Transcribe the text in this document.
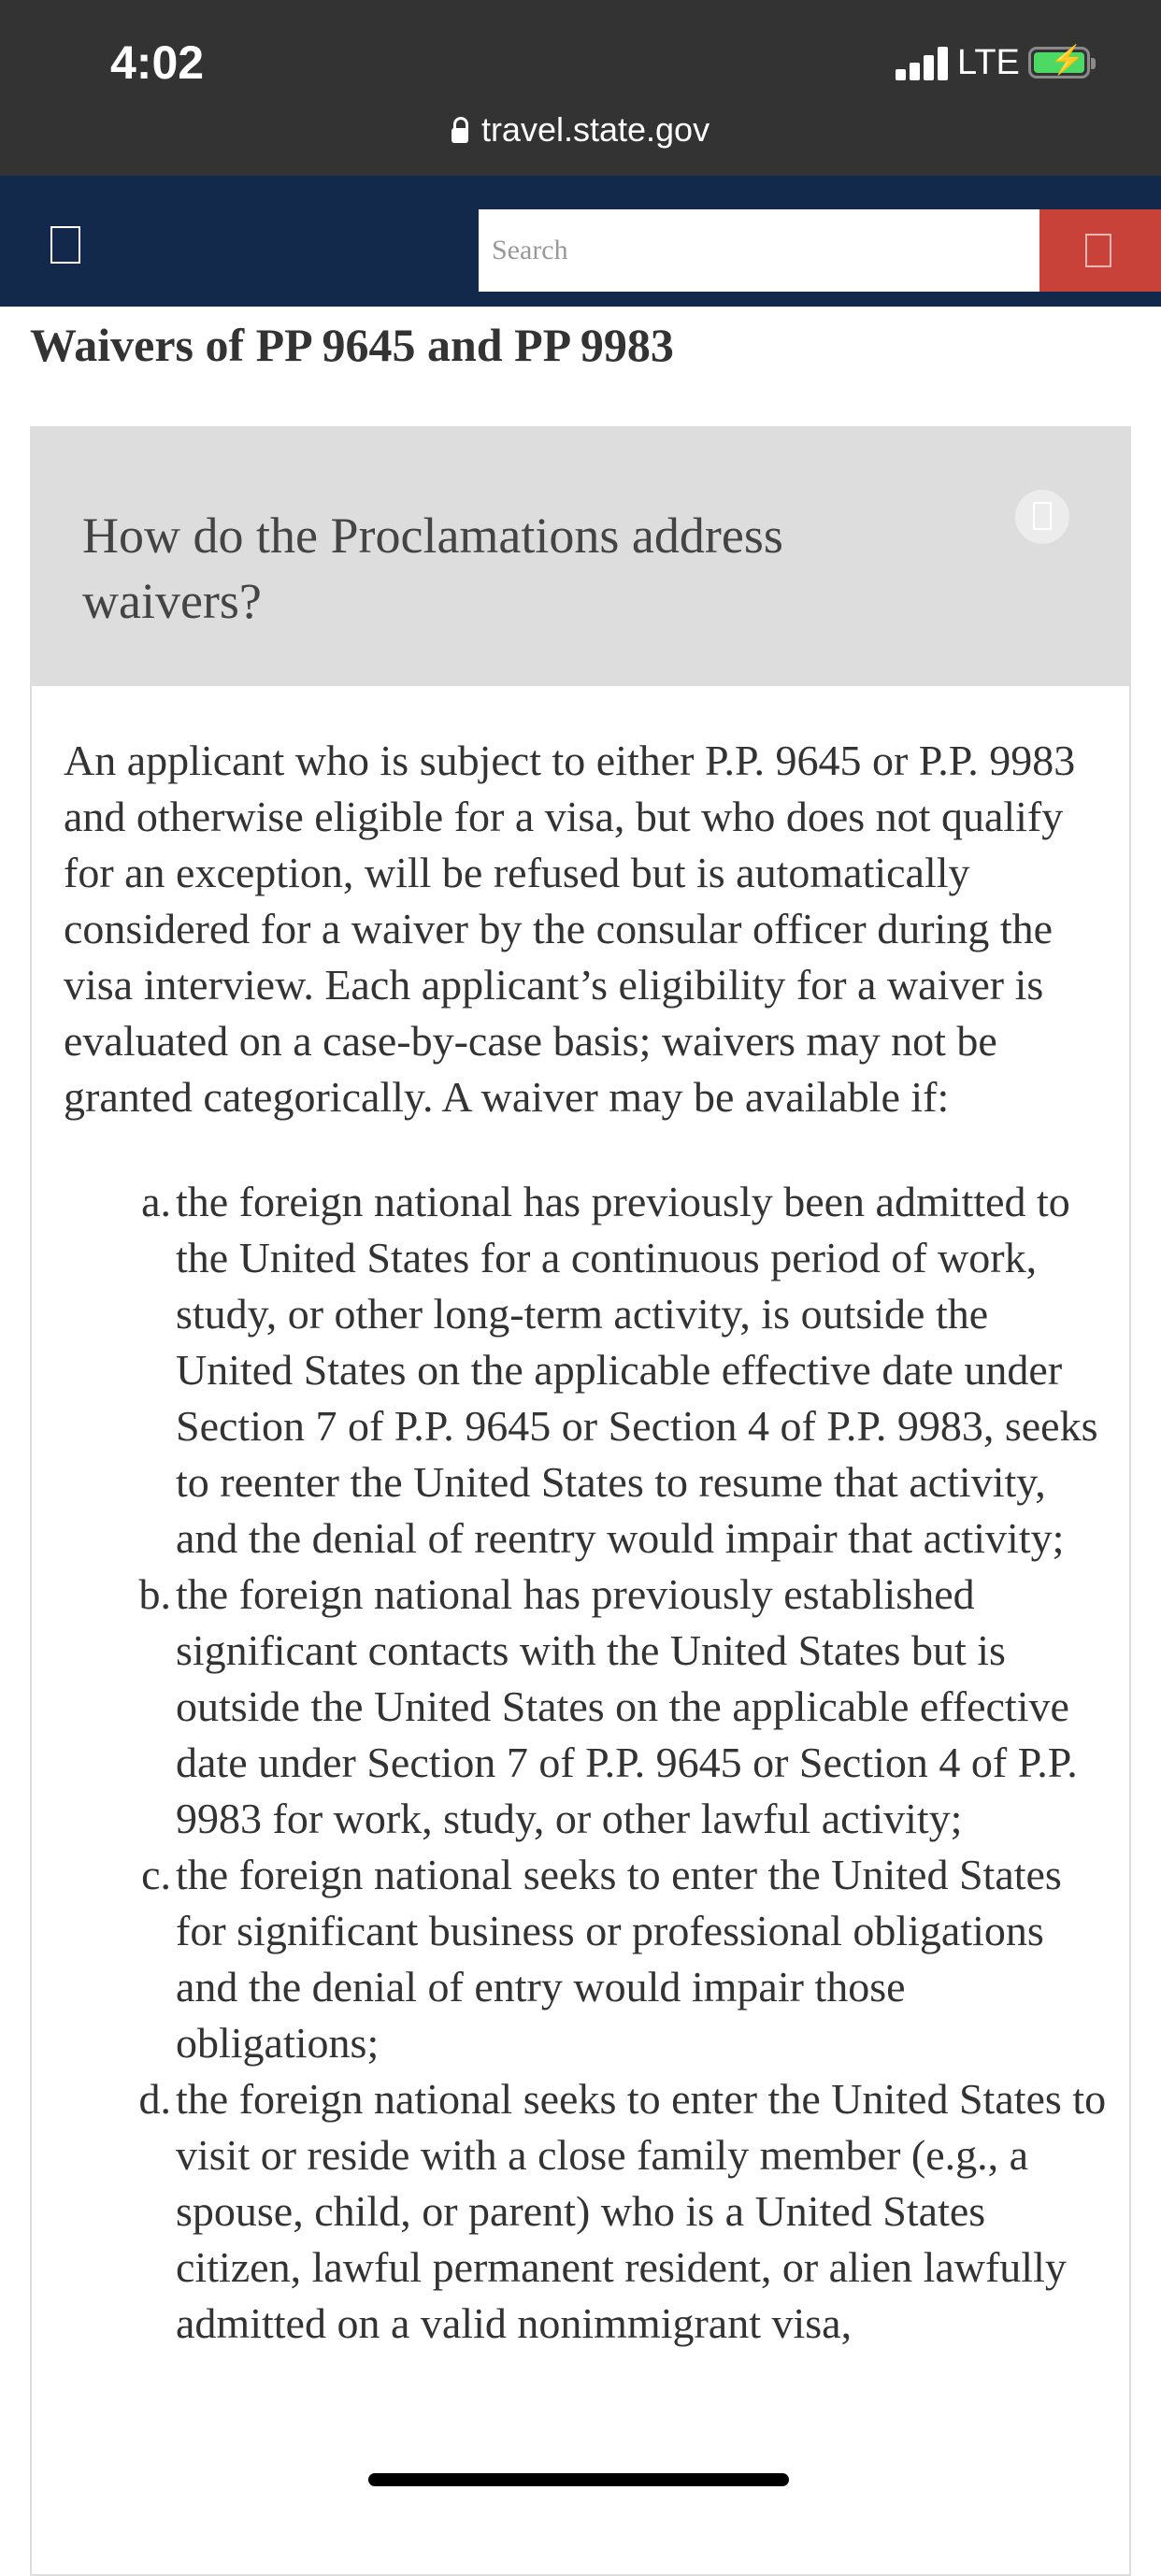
4:02	LTE ⚡
travel.state.gov
Search
Waivers of PP 9645 and PP 9983
How do the Proclamations address waivers?

An applicant who is subject to either P.P. 9645 or P.P. 9983 and otherwise eligible for a visa, but who does not qualify for an exception, will be refused but is automatically considered for a waiver by the consular officer during the visa interview. Each applicant’s eligibility for a waiver is evaluated on a case-by-case basis; waivers may not be granted categorically. A waiver may be available if:

a. the foreign national has previously been admitted to the United States for a continuous period of work, study, or other long-term activity, is outside the United States on the applicable effective date under Section 7 of P.P. 9645 or Section 4 of P.P. 9983, seeks to reenter the United States to resume that activity, and the denial of reentry would impair that activity;
b. the foreign national has previously established significant contacts with the United States but is outside the United States on the applicable effective date under Section 7 of P.P. 9645 or Section 4 of P.P. 9983 for work, study, or other lawful activity;
c. the foreign national seeks to enter the United States for significant business or professional obligations and the denial of entry would impair those obligations;
d. the foreign national seeks to enter the United States to visit or reside with a close family member (e.g., a spouse, child, or parent) who is a United States citizen, lawful permanent resident, or alien lawfully admitted on a valid nonimmigrant visa,
